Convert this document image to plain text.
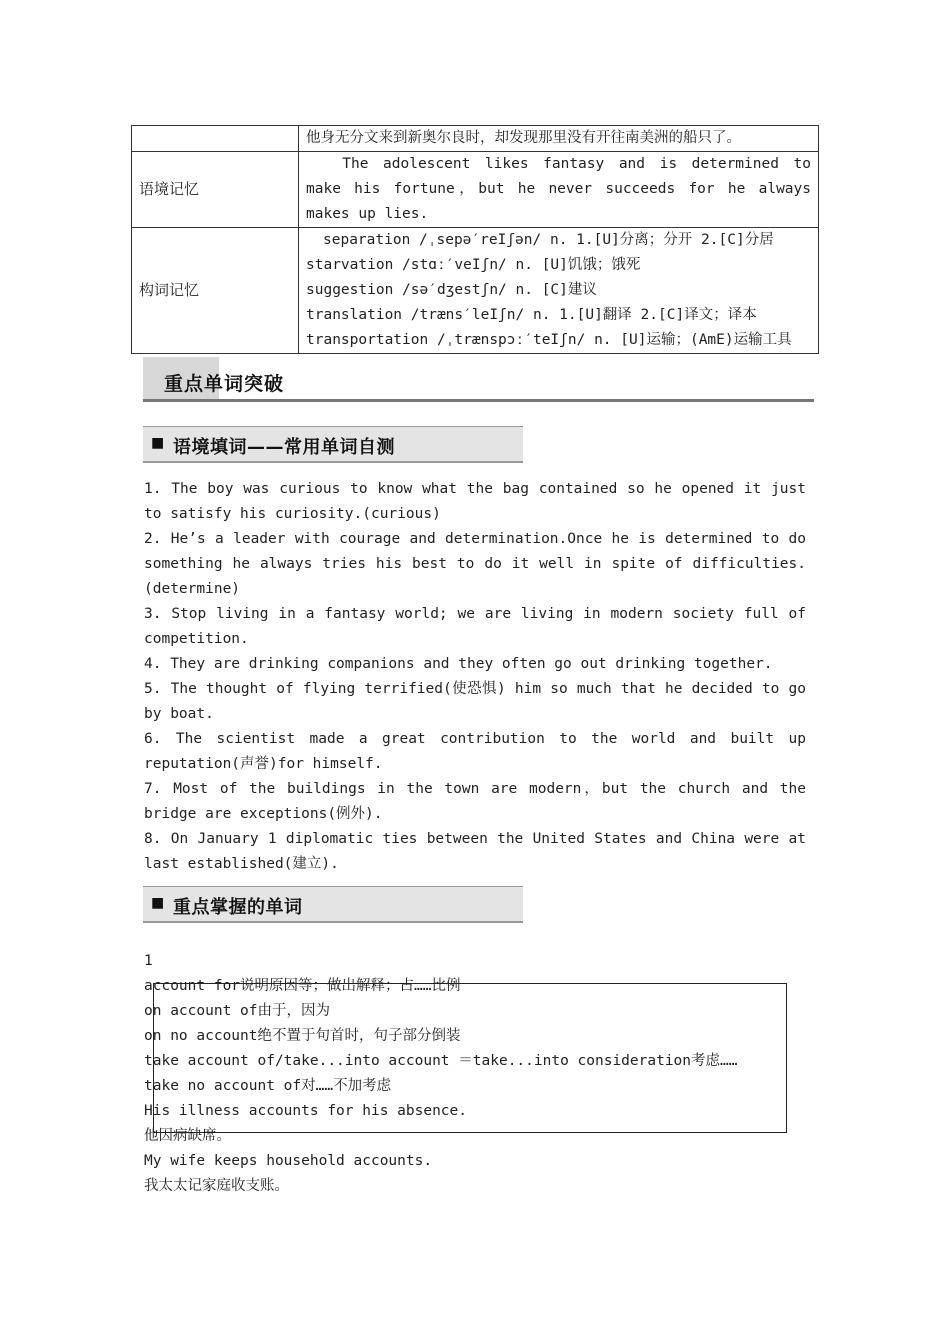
	他身无分文来到新奥尔良时，却发现那里没有开往南美洲的船只了。
语境记忆	The adolescent likes fantasy and is determined to make his fortune，but he never succeeds for he always makes up lies.
构词记忆	separation /ˌsepə′reIʃən/ n. 1.[U]分离；分开 2.[C]分居
starvation /stɑː′veIʃn/ n. [U]饥饿；饿死
suggestion /sə′dʒestʃn/ n. [C]建议
translation /træns′leIʃn/ n. 1.[U]翻译 2.[C]译文；译本
transportation /ˌtrænspɔː′teIʃn/ n. [U]运输；(AmE)运输工具
重点单词突破
■ 语境填词——常用单词自测

1. The boy was curious to know what the bag contained so he opened it just to satisfy his curiosity.(curious)

2. He’s a leader with courage and determination.Once he is determined to do something he always tries his best to do it well in spite of difficulties.(determine)

3. Stop living in a fantasy world; we are living in modern society full of competition.

4. They are drinking companions and they often go out drinking together.

5. The thought of flying terrified(使恐惧) him so much that he decided to go by boat.

6. The scientist made a great contribution to the world and built up reputation(声誉)for himself.

7. Most of the buildings in the town are modern，but the church and the bridge are exceptions(例外).

8. On January 1 diplomatic ties between the United States and China were at last established(建立).

■ 重点掌握的单词
1
account for说明原因等；做出解释；占……比例
on account of由于，因为
on no account绝不置于句首时，句子部分倒装
take account of/take...into account ＝take...into consideration考虑……
take no account of对……不加考虑
His illness accounts for his absence.
他因病缺席。
My wife keeps household accounts.
我太太记家庭收支账。
